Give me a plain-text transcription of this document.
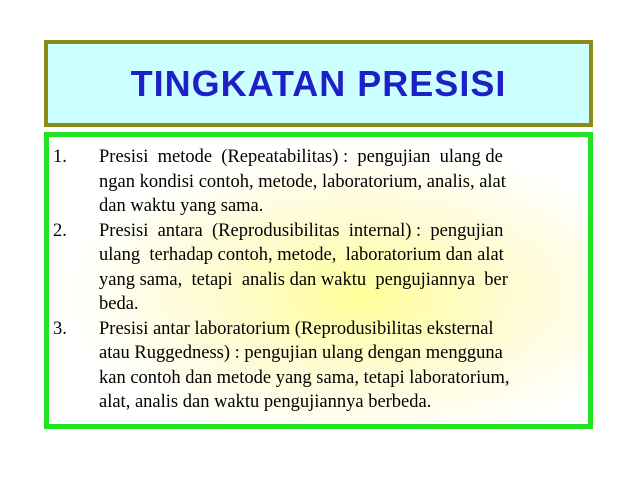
TINGKATAN PRESISI
1.	Presisi  metode  (Repeatabilitas) :  pengujian  ulang de
ngan kondisi contoh, metode, laboratorium, analis, alat
dan waktu yang sama.

2.	Presisi  antara  (Reprodusibilitas  internal) :  pengujian
ulang  terhadap contoh, metode,  laboratorium dan alat
yang sama,  tetapi  analis dan waktu  pengujiannya  ber
beda.

3.	Presisi antar laboratorium (Reprodusibilitas eksternal
atau Ruggedness) : pengujian ulang dengan mengguna
kan contoh dan metode yang sama, tetapi laboratorium,
alat, analis dan waktu pengujiannya berbeda.
